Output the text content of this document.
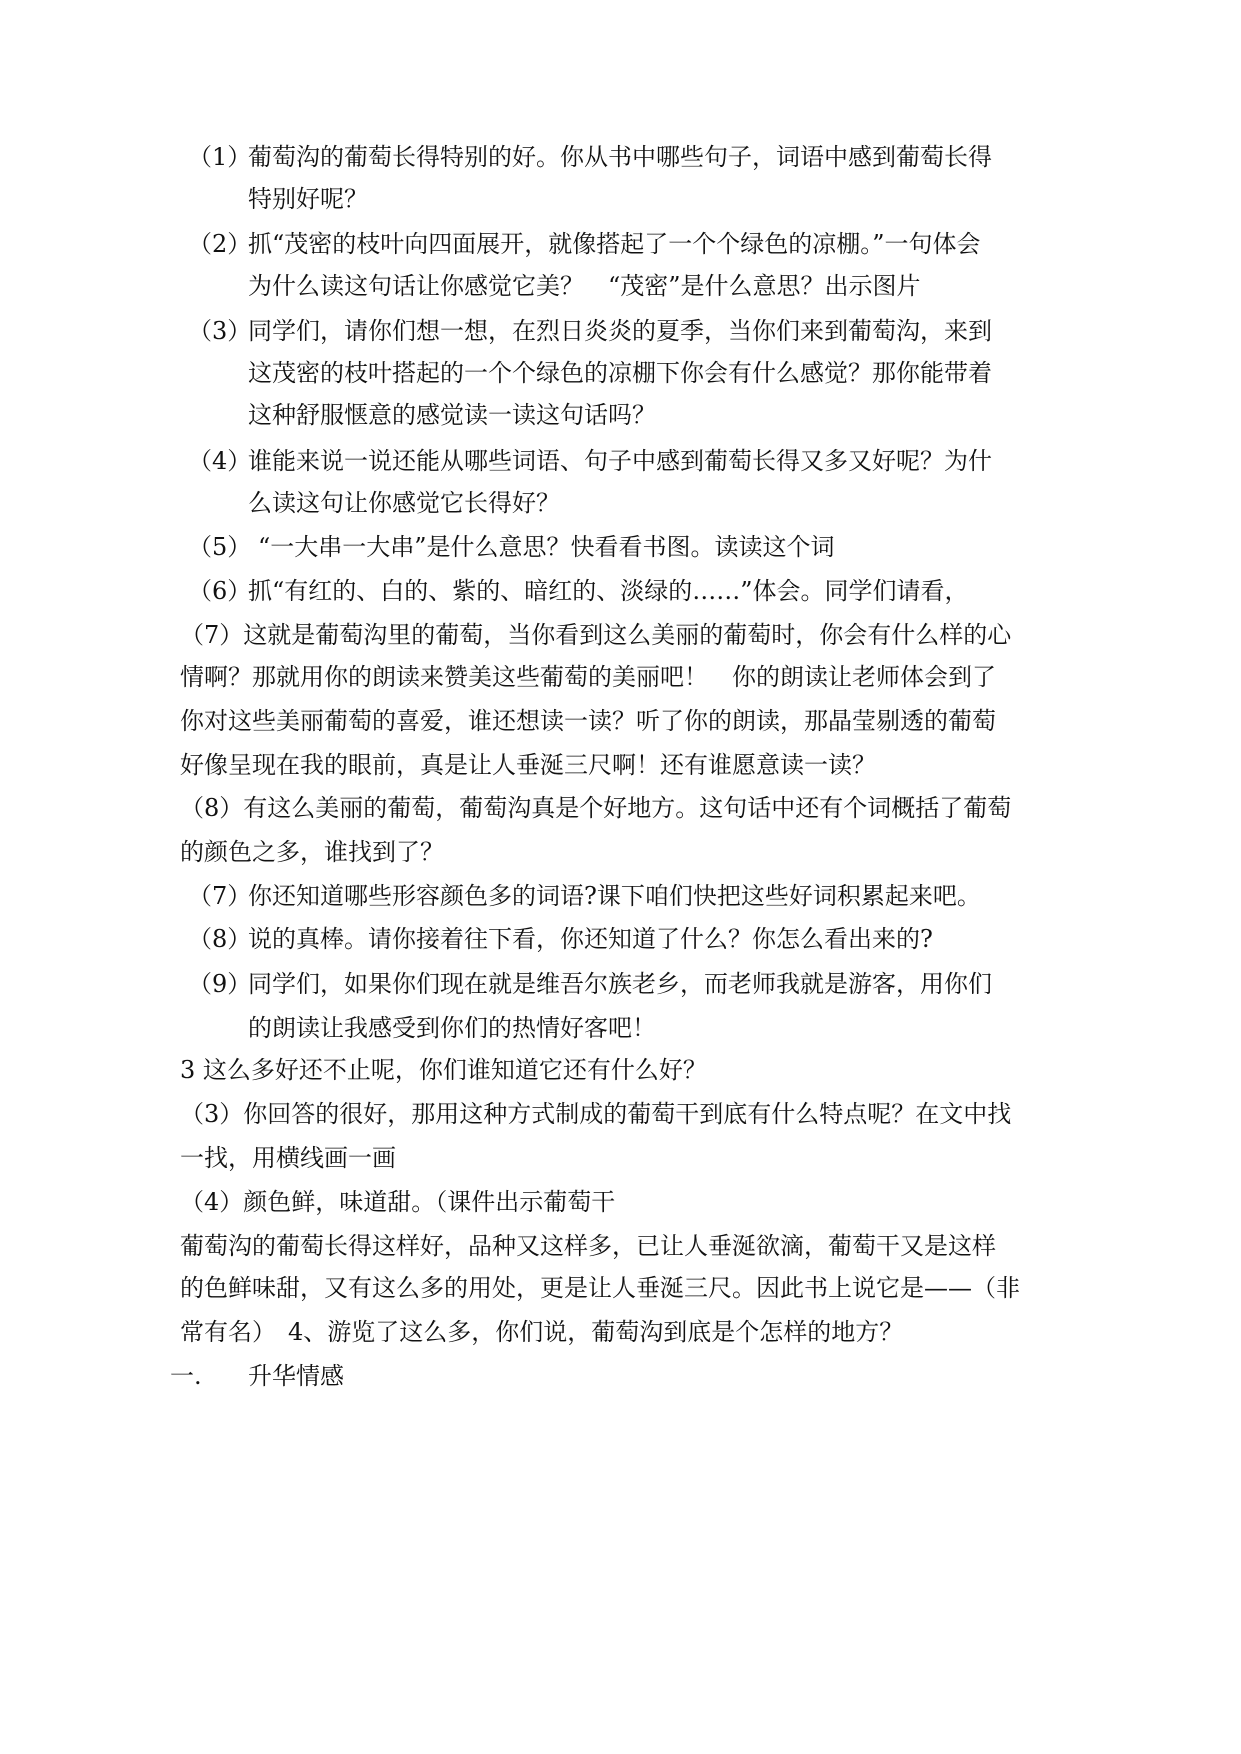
（1）
葡萄沟的葡萄长得特别的好。你从书中哪些句子，词语中感到葡萄长得
特别好呢？
（2）
抓“茂密的枝叶向四面展开，就像搭起了一个个绿色的凉棚。”一句体会
为什么读这句话让你感觉它美？　“茂密”是什么意思？出示图片
（3）
同学们，请你们想一想，在烈日炎炎的夏季，当你们来到葡萄沟，来到
这茂密的枝叶搭起的一个个绿色的凉棚下你会有什么感觉？那你能带着
这种舒服惬意的感觉读一读这句话吗？
（4）
谁能来说一说还能从哪些词语、句子中感到葡萄长得又多又好呢？为什
么读这句让你感觉它长得好？
（5） “一大串一大串”是什么意思？快看看书图。读读这个词
（6）
抓“有红的、白的、紫的、暗红的、淡绿的……”体会。同学们请看，
（7）这就是葡萄沟里的葡萄，当你看到这么美丽的葡萄时，你会有什么样的心
情啊？那就用你的朗读来赞美这些葡萄的美丽吧！　你的朗读让老师体会到了
你对这些美丽葡萄的喜爱，谁还想读一读？听了你的朗读，那晶莹剔透的葡萄
好像呈现在我的眼前，真是让人垂涎三尺啊！还有谁愿意读一读？
（8）有这么美丽的葡萄，葡萄沟真是个好地方。这句话中还有个词概括了葡萄
的颜色之多，谁找到了？
（7）
你还知道哪些形容颜色多的词语?课下咱们快把这些好词积累起来吧。
（8）
说的真棒。请你接着往下看，你还知道了什么？你怎么看出来的?
（9）
同学们，如果你们现在就是维吾尔族老乡，而老师我就是游客，用你们
的朗读让我感受到你们的热情好客吧！
3 这么多好还不止呢，你们谁知道它还有什么好？
（3）你回答的很好，那用这种方式制成的葡萄干到底有什么特点呢？在文中找
一找，用横线画一画
（4）颜色鲜，味道甜。（课件出示葡萄干
葡萄沟的葡萄长得这样好，品种又这样多，已让人垂涎欲滴，葡萄干又是这样
的色鲜味甜，又有这么多的用处，更是让人垂涎三尺。因此书上说它是——（非
常有名）　4、游览了这么多，你们说，葡萄沟到底是个怎样的地方？
一. 升华情感
